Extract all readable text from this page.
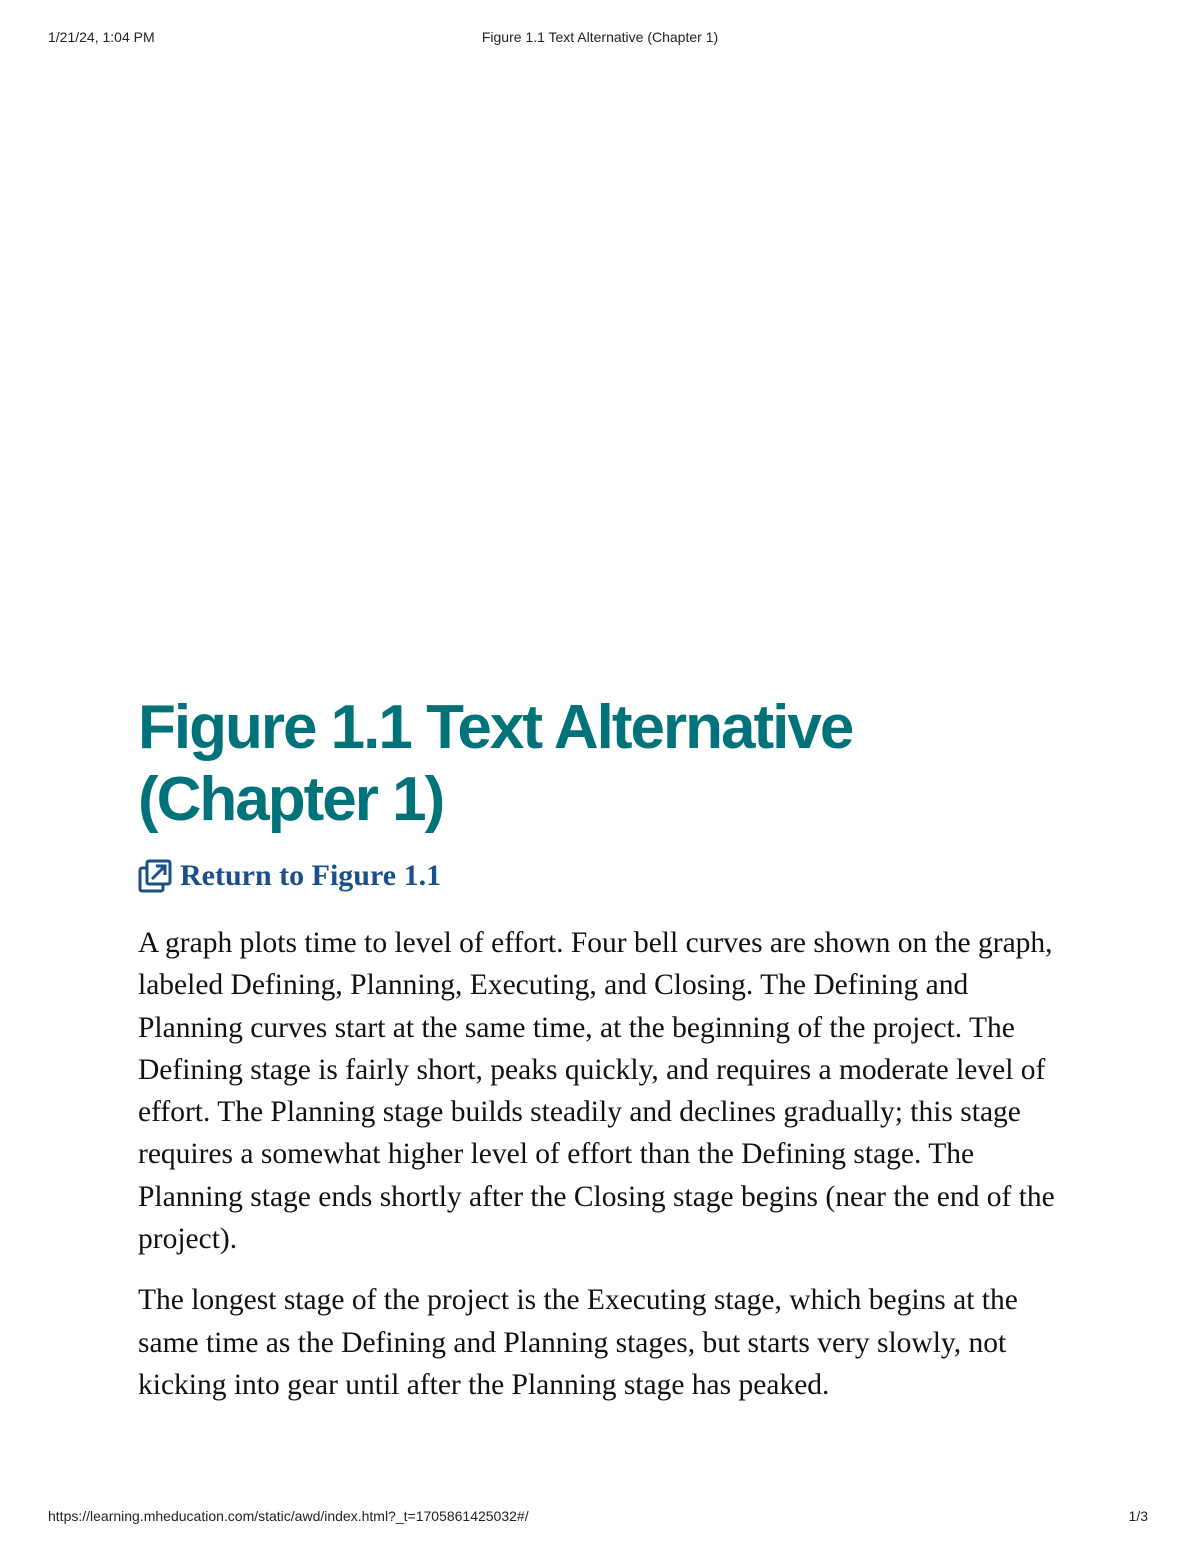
1/21/24, 1:04 PM	Figure 1.1 Text Alternative (Chapter 1)
Figure 1.1 Text Alternative
(Chapter 1)
Return to Figure 1.1

A graph plots time to level of effort. Four bell curves are shown on the graph, labeled Defining, Planning, Executing, and Closing. The Defining and Planning curves start at the same time, at the beginning of the project. The Defining stage is fairly short, peaks quickly, and requires a moderate level of effort. The Planning stage builds steadily and declines gradually; this stage requires a somewhat higher level of effort than the Defining stage. The Planning stage ends shortly after the Closing stage begins (near the end of the project).

The longest stage of the project is the Executing stage, which begins at the same time as the Defining and Planning stages, but starts very slowly, not kicking into gear until after the Planning stage has peaked.

https://learning.mheducation.com/static/awd/index.html?_t=1705861425032#/	1/3
